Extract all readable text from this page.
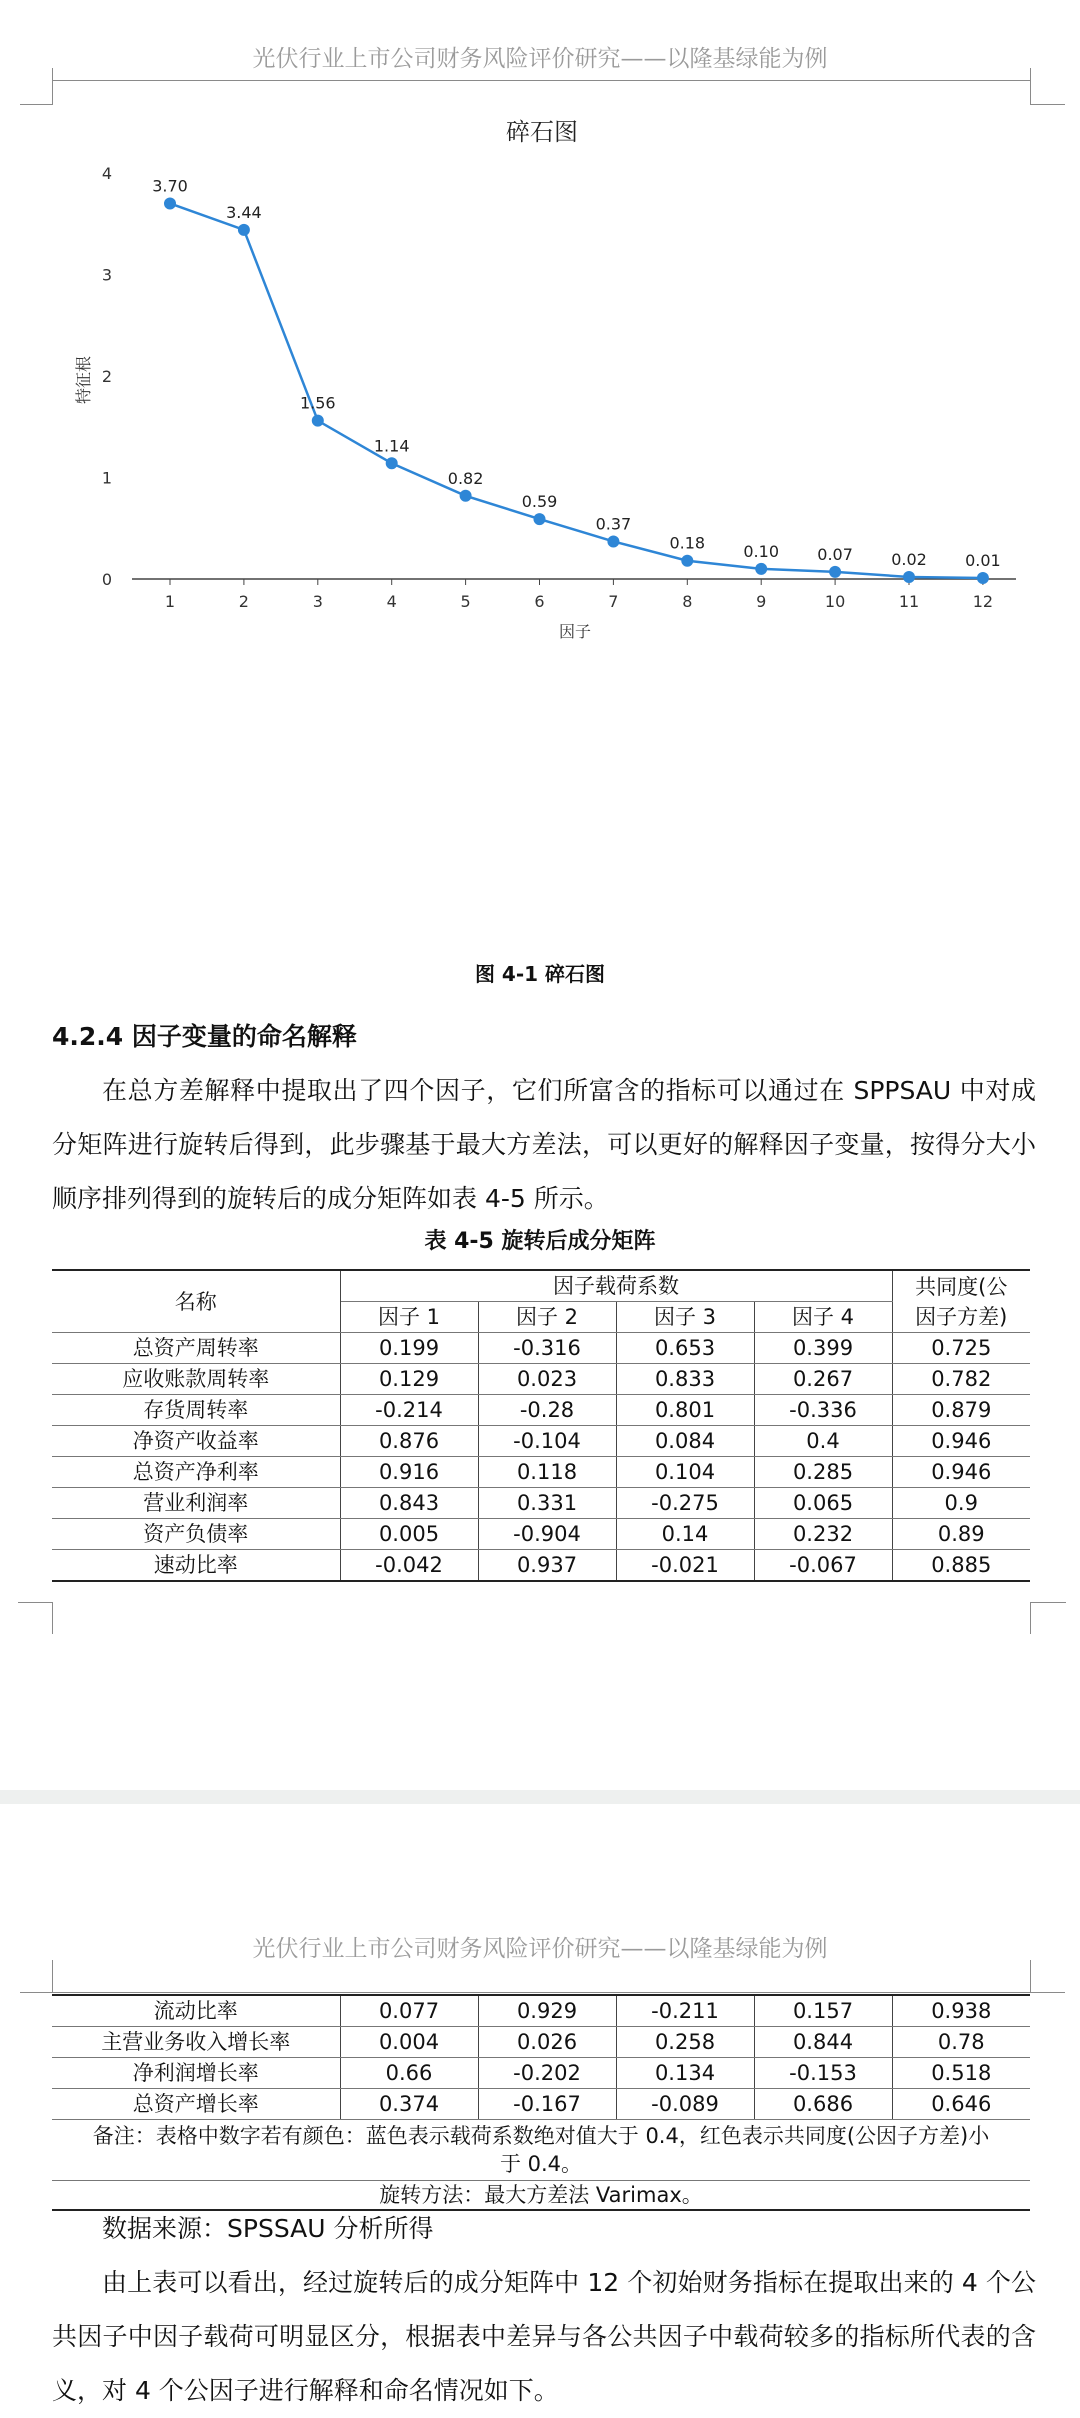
光伏行业上市公司财务风险评价研究——以隆基绿能为例
碎石图
0
1
2
3
4
1	2	3	4	5	6	7	8	9	10	11	12
3.70
3.44
1.56
1.14
0.82
0.59
0.37
0.18 0.10 0.07 0.02 0.01
因子
特征根
图 4-1 碎石图
4.2.4 因子变量的命名解释

在总方差解释中提取出了四个因子，它们所富含的指标可以通过在 SPPSAU 中对成分矩阵进行旋转后得到，此步骤基于最大方差法，可以更好的解释因子变量，按得分大小顺序排列得到的旋转后的成分矩阵如表 4-5 所示。

表 4-5 旋转后成分矩阵
名称	因子载荷系数				共同度(公
因子方差)
	因子 1	因子 2	因子 3	因子 4	
总资产周转率	0.199	-0.316	0.653	0.399	0.725
应收账款周转率	0.129	0.023	0.833	0.267	0.782
存货周转率	-0.214	-0.28	0.801	-0.336	0.879
净资产收益率	0.876	-0.104	0.084	0.4	0.946
总资产净利率	0.916	0.118	0.104	0.285	0.946
营业利润率	0.843	0.331	-0.275	0.065	0.9
资产负债率	0.005	-0.904	0.14	0.232	0.89
速动比率	-0.042	0.937	-0.021	-0.067	0.885
光伏行业上市公司财务风险评价研究——以隆基绿能为例
流动比率	0.077	0.929	-0.211	0.157	0.938
主营业务收入增长率	0.004	0.026	0.258	0.844	0.78
净利润增长率	0.66	-0.202	0.134	-0.153	0.518
总资产增长率	0.374	-0.167	-0.089	0.686	0.646
备注：表格中数字若有颜色：蓝色表示载荷系数绝对值大于 0.4，红色表示共同度(公因子方差)小
于 0.4。					
旋转方法：最大方差法 Varimax。					

数据来源：SPSSAU 分析所得

由上表可以看出，经过旋转后的成分矩阵中 12 个初始财务指标在提取出来的 4 个公共因子中因子载荷可明显区分，根据表中差异与各公共因子中载荷较多的指标所代表的含义，对 4 个公因子进行解释和命名情况如下。
